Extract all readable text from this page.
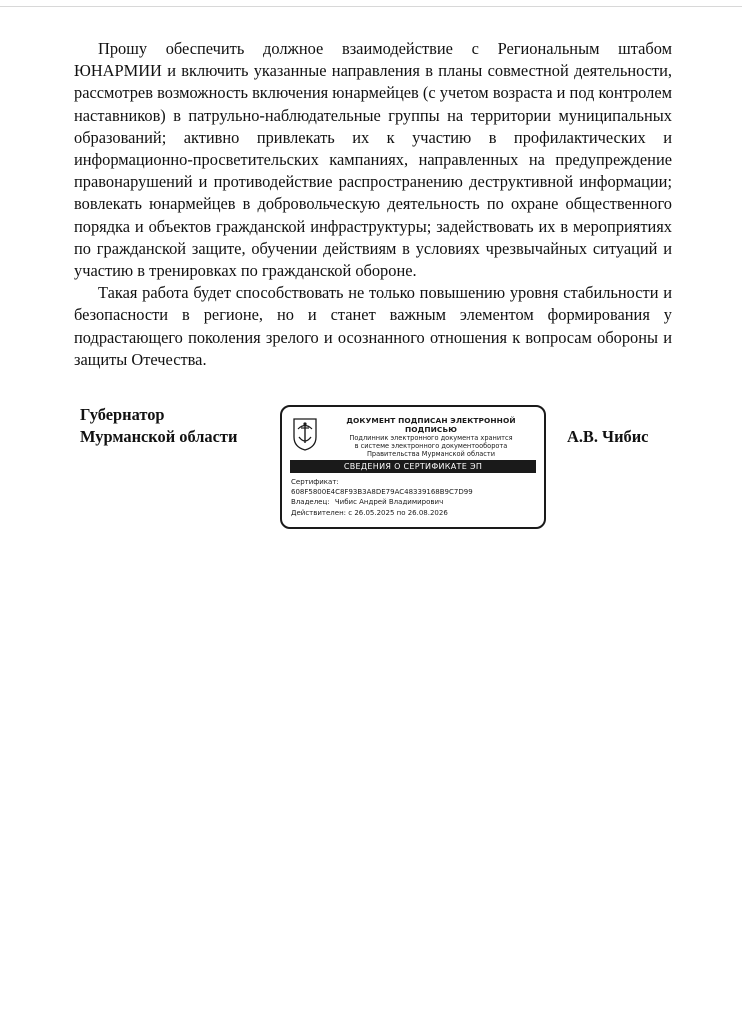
Прошу обеспечить должное взаимодействие с Региональным штабом ЮНАРМИИ и включить указанные направления в планы совместной деятельности, рассмотрев возможность включения юнармейцев (с учетом возраста и под контролем наставников) в патрульно-наблюдательные группы на территории муниципальных образований; активно привлекать их к участию в профилактических и информационно-просветительских кампаниях, направленных на предупреждение правонарушений и противодействие распространению деструктивной информации; вовлекать юнармейцев в добровольческую деятельность по охране общественного порядка и объектов гражданской инфраструктуры; задействовать их в мероприятиях по гражданской защите, обучении действиям в условиях чрезвычайных ситуаций и участию в тренировках по гражданской обороне.

Такая работа будет способствовать не только повышению уровня стабильности и безопасности в регионе, но и станет важным элементом формирования у подрастающего поколения зрелого и осознанного отношения к вопросам обороны и защиты Отечества.

Губернатор
Мурманской области
ДОКУМЕНТ ПОДПИСАН ЭЛЕКТРОННОЙ ПОДПИСЬЮ
Подлинник электронного документа хранится
в системе электронного документооборота
Правительства Мурманской области
СВЕДЕНИЯ О СЕРТИФИКАТЕ ЭП
Сертификат:
608F5800E4C8F93B3A8DE79AC48339168B9C7D99
Владелец: Чибис Андрей Владимирович
Действителен: с 26.05.2025 по 26.08.2026
А.В. Чибис
